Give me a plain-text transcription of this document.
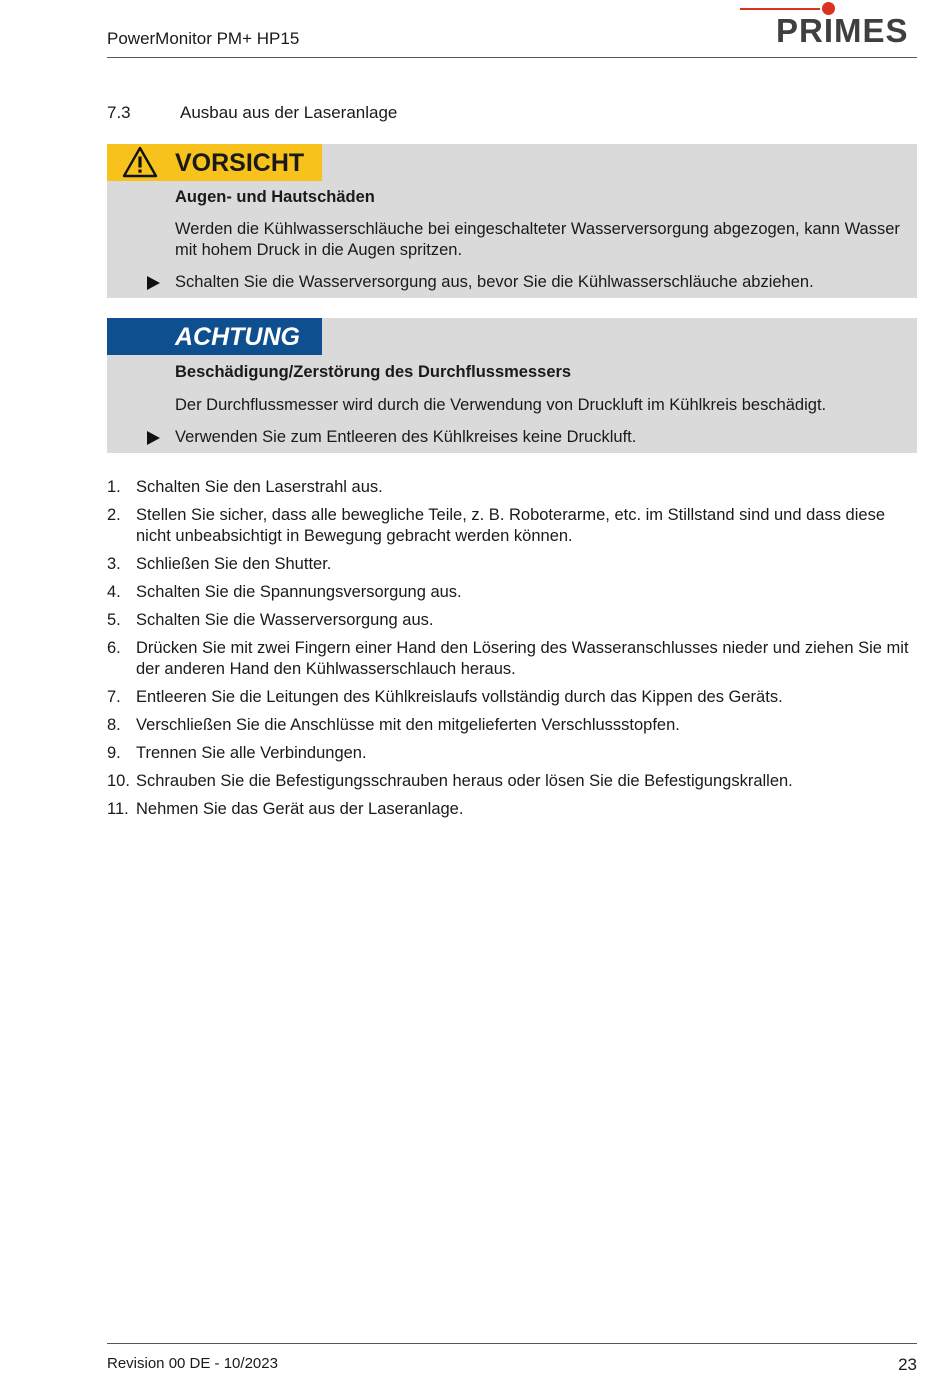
PowerMonitor PM+ HP15	PRIMES
7.3	Ausbau aus der Laseranlage
VORSICHT
Augen- und Hautschäden
Werden die Kühlwasserschläuche bei eingeschalteter Wasserversorgung abgezogen, kann Wasser mit hohem Druck in die Augen spritzen.
Schalten Sie die Wasserversorgung aus, bevor Sie die Kühlwasserschläuche abziehen.
ACHTUNG
Beschädigung/Zerstörung des Durchflussmessers
Der Durchflussmesser wird durch die Verwendung von Druckluft im Kühlkreis beschädigt.
Verwenden Sie zum Entleeren des Kühlkreises keine Druckluft.
1. Schalten Sie den Laserstrahl aus.
2. Stellen Sie sicher, dass alle bewegliche Teile, z. B. Roboterarme, etc. im Stillstand sind und dass diese nicht unbeabsichtigt in Bewegung gebracht werden können.
3. Schließen Sie den Shutter.
4. Schalten Sie die Spannungsversorgung aus.
5. Schalten Sie die Wasserversorgung aus.
6. Drücken Sie mit zwei Fingern einer Hand den Lösering des Wasseranschlusses nieder und ziehen Sie mit der anderen Hand den Kühlwasserschlauch heraus.
7. Entleeren Sie die Leitungen des Kühlkreislaufs vollständig durch das Kippen des Geräts.
8. Verschließen Sie die Anschlüsse mit den mitgelieferten Verschlussstopfen.
9. Trennen Sie alle Verbindungen.
10. Schrauben Sie die Befestigungsschrauben heraus oder lösen Sie die Befestigungskrallen.
11. Nehmen Sie das Gerät aus der Laseranlage.
Revision 00 DE - 10/2023	23
